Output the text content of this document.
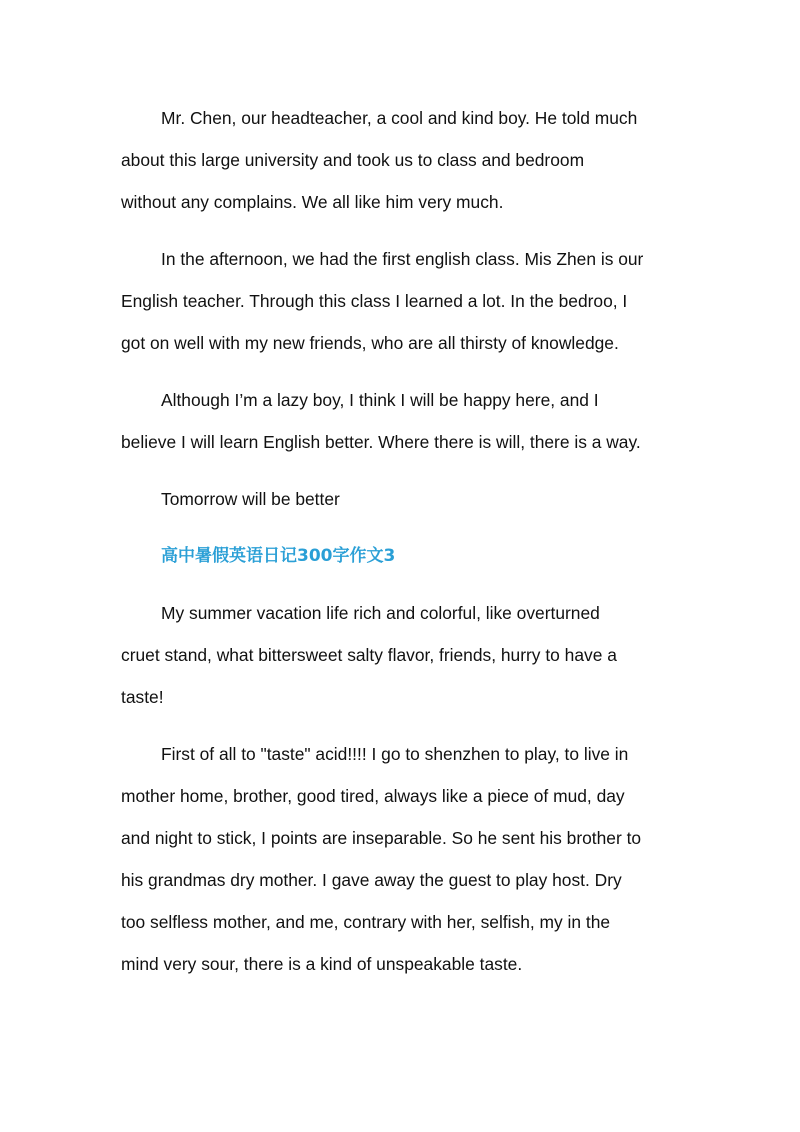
Mr. Chen, our headteacher, a cool and kind boy. He told much
about this large university and took us to class and bedroom
without any complains. We all like him very much.

In the afternoon, we had the first english class. Mis Zhen is our
English teacher. Through this class I learned a lot. In the bedroo, I
got on well with my new friends, who are all thirsty of knowledge.

Although I’m a lazy boy, I think I will be happy here, and I
believe I will learn English better. Where there is will, there is a way.

Tomorrow will be better

高中暑假英语日记300字作文3

My summer vacation life rich and colorful, like overturned
cruet stand, what bittersweet salty flavor, friends, hurry to have a
taste!

First of all to "taste" acid!!!! I go to shenzhen to play, to live in
mother home, brother, good tired, always like a piece of mud, day
and night to stick, I points are inseparable. So he sent his brother to
his grandmas dry mother. I gave away the guest to play host. Dry
too selfless mother, and me, contrary with her, selfish, my in the
mind very sour, there is a kind of unspeakable taste.
